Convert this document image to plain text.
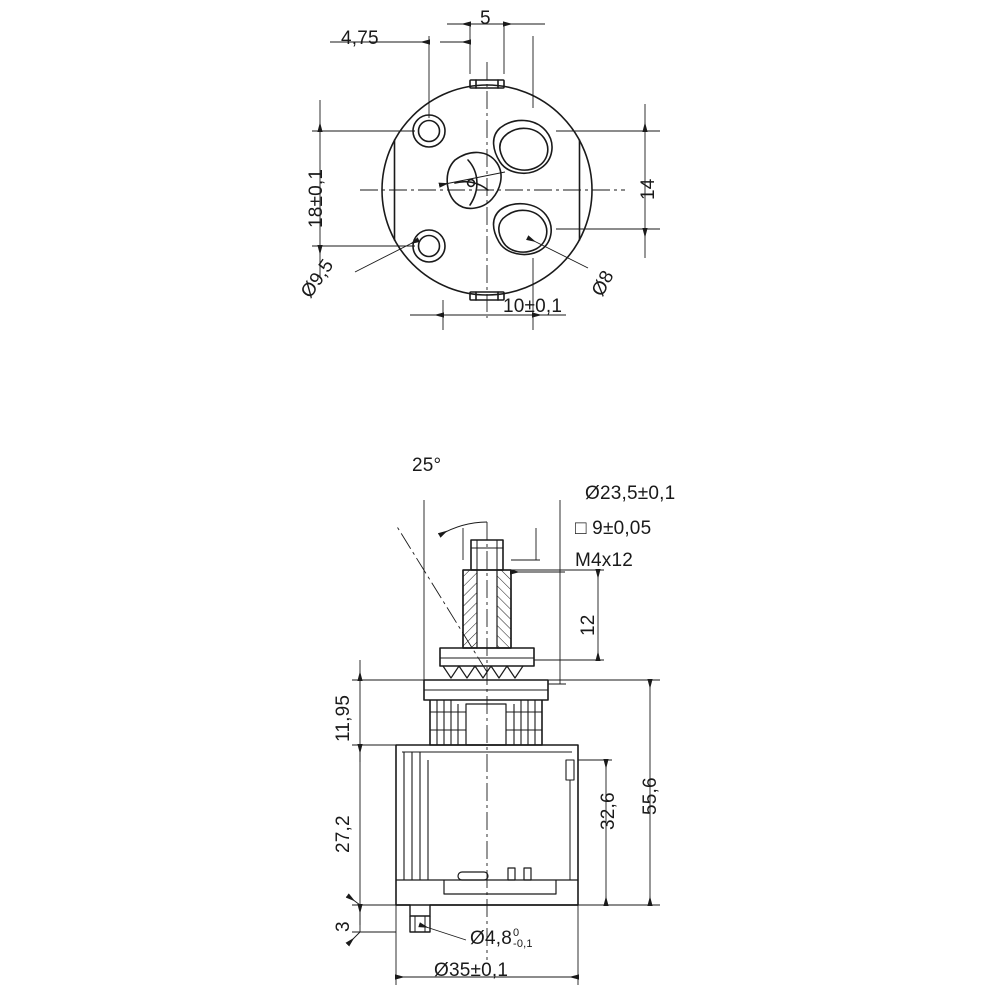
4,75
5
18±0,1	14
Ø9,5	Ø8
10±0,1
25°
Ø23,5±0,1
□ 9±0,05
M4x12
12
11,95
27,2
3
55,6
32,6
Ø4,8 0
-0,1
Ø35±0,1
